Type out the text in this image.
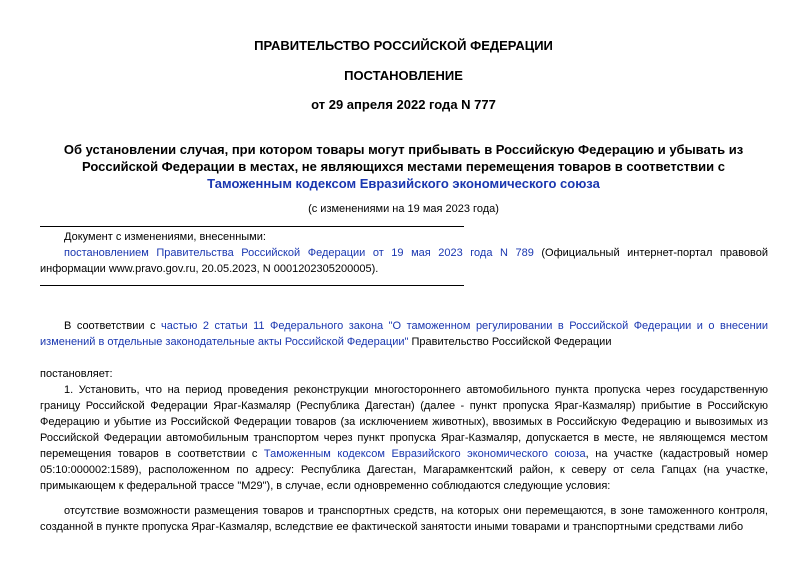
ПРАВИТЕЛЬСТВО РОССИЙСКОЙ ФЕДЕРАЦИИ
ПОСТАНОВЛЕНИЕ
от 29 апреля 2022 года N 777
Об установлении случая, при котором товары могут прибывать в Российскую Федерацию и убывать из Российской Федерации в местах, не являющихся местами перемещения товаров в соответствии с Таможенным кодексом Евразийского экономического союза
(с изменениями на 19 мая 2023 года)
Документ с изменениями, внесенными:
постановлением Правительства Российской Федерации от 19 мая 2023 года N 789 (Официальный интернет-портал правовой информации www.pravo.gov.ru, 20.05.2023, N 0001202305200005).
В соответствии с частью 2 статьи 11 Федерального закона "О таможенном регулировании в Российской Федерации и о внесении изменений в отдельные законодательные акты Российской Федерации" Правительство Российской Федерации
постановляет:
1. Установить, что на период проведения реконструкции многостороннего автомобильного пункта пропуска через государственную границу Российской Федерации Яраг-Казмаляр (Республика Дагестан) (далее - пункт пропуска Яраг-Казмаляр) прибытие в Российскую Федерацию и убытие из Российской Федерации товаров (за исключением животных), ввозимых в Российскую Федерацию и вывозимых из Российской Федерации автомобильным транспортом через пункт пропуска Яраг-Казмаляр, допускается в месте, не являющемся местом перемещения товаров в соответствии с Таможенным кодексом Евразийского экономического союза, на участке (кадастровый номер 05:10:000002:1589), расположенном по адресу: Республика Дагестан, Магарамкентский район, к северу от села Гапцах (на участке, примыкающем к федеральной трассе "М29"), в случае, если одновременно соблюдаются следующие условия:
отсутствие возможности размещения товаров и транспортных средств, на которых они перемещаются, в зоне таможенного контроля, созданной в пункте пропуска Яраг-Казмаляр, вследствие ее фактической занятости иными товарами и транспортными средствами либо
